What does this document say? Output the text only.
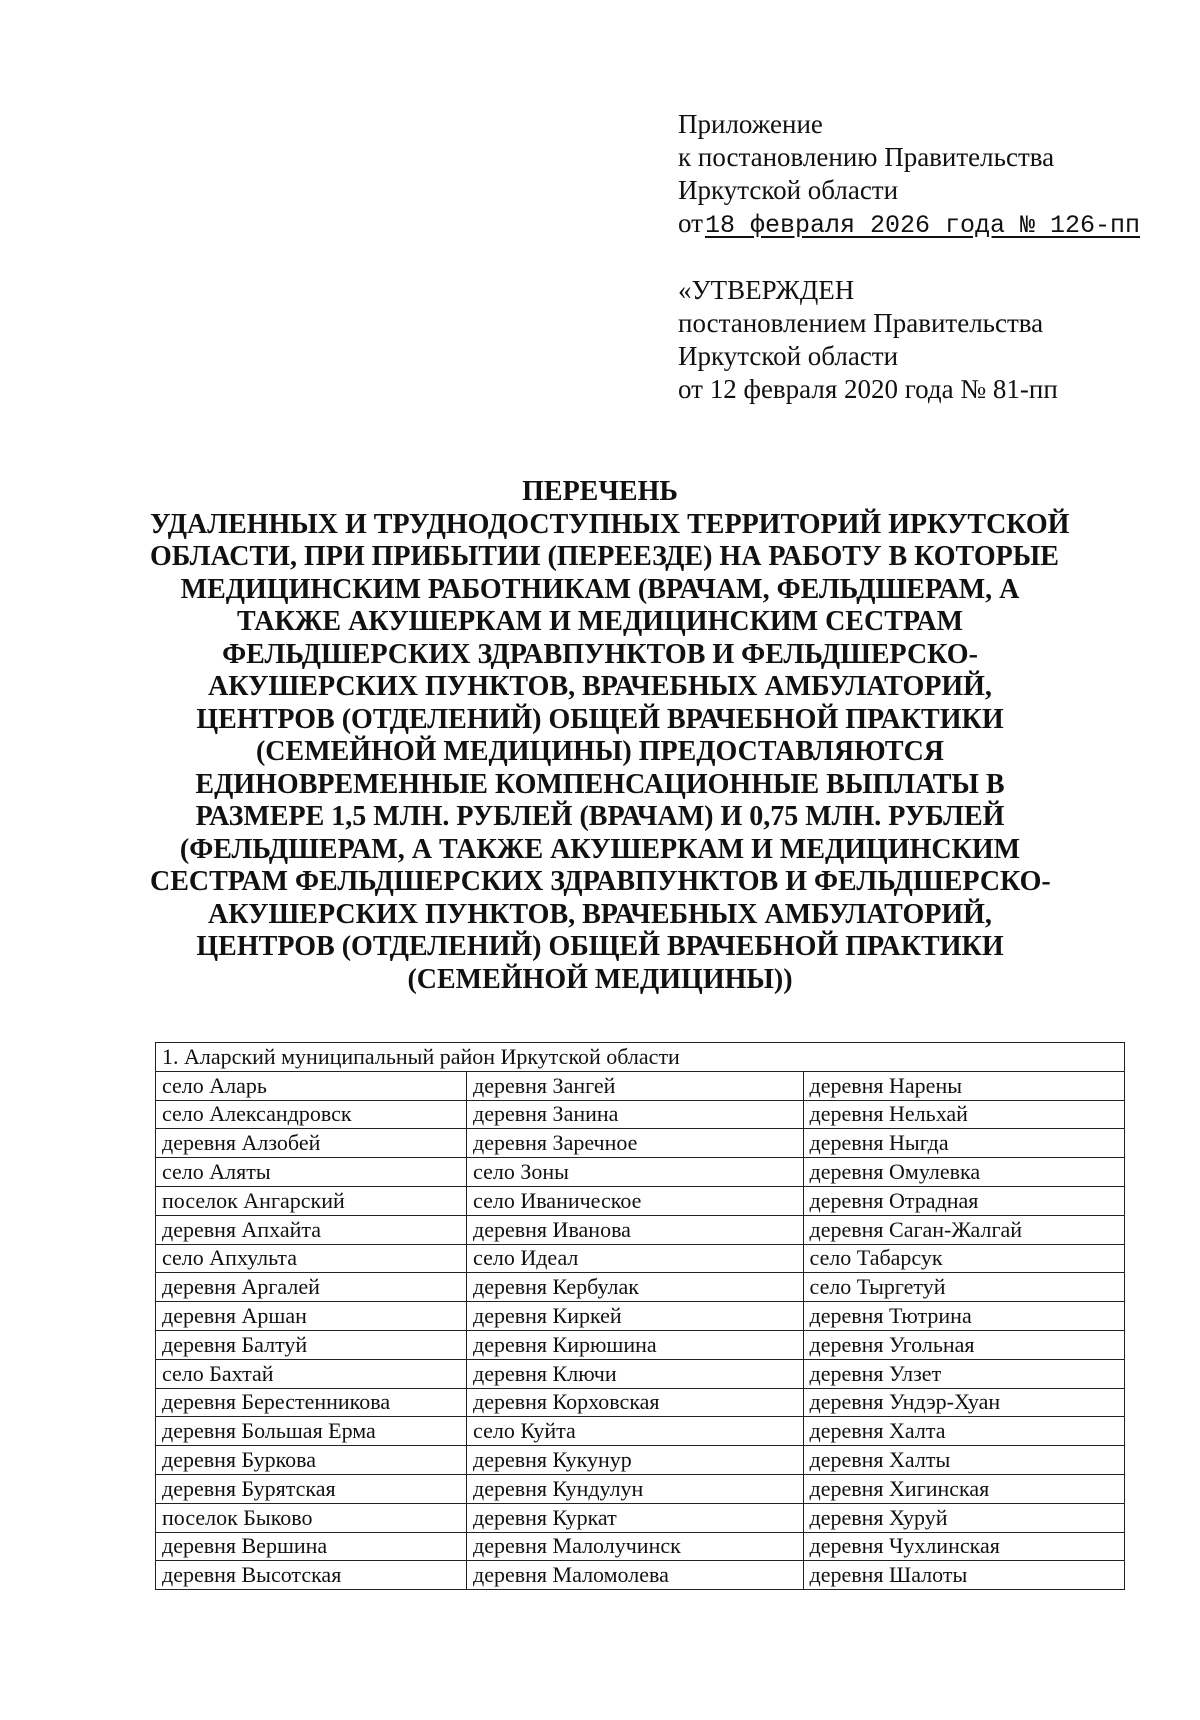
Приложение
к постановлению Правительства
Иркутской области
от18 февраля 2026 года № 126-пп
«УТВЕРЖДЕН
постановлением Правительства
Иркутской области
от 12 февраля 2020 года № 81-пп
ПЕРЕЧЕНЬ
УДАЛЕННЫХ И ТРУДНОДОСТУПНЫХ ТЕРРИТОРИЙ ИРКУТСКОЙ
ОБЛАСТИ, ПРИ ПРИБЫТИИ (ПЕРЕЕЗДЕ) НА РАБОТУ В КОТОРЫЕ
МЕДИЦИНСКИМ РАБОТНИКАМ (ВРАЧАМ, ФЕЛЬДШЕРАМ, А
ТАКЖЕ АКУШЕРКАМ И МЕДИЦИНСКИМ СЕСТРАМ
ФЕЛЬДШЕРСКИХ ЗДРАВПУНКТОВ И ФЕЛЬДШЕРСКО-
АКУШЕРСКИХ ПУНКТОВ, ВРАЧЕБНЫХ АМБУЛАТОРИЙ,
ЦЕНТРОВ (ОТДЕЛЕНИЙ) ОБЩЕЙ ВРАЧЕБНОЙ ПРАКТИКИ
(СЕМЕЙНОЙ МЕДИЦИНЫ) ПРЕДОСТАВЛЯЮТСЯ
ЕДИНОВРЕМЕННЫЕ КОМПЕНСАЦИОННЫЕ ВЫПЛАТЫ В
РАЗМЕРЕ 1,5 МЛН. РУБЛЕЙ (ВРАЧАМ) И 0,75 МЛН. РУБЛЕЙ
(ФЕЛЬДШЕРАМ, А ТАКЖЕ АКУШЕРКАМ И МЕДИЦИНСКИМ
СЕСТРАМ ФЕЛЬДШЕРСКИХ ЗДРАВПУНКТОВ И ФЕЛЬДШЕРСКО-
АКУШЕРСКИХ ПУНКТОВ, ВРАЧЕБНЫХ АМБУЛАТОРИЙ,
ЦЕНТРОВ (ОТДЕЛЕНИЙ) ОБЩЕЙ ВРАЧЕБНОЙ ПРАКТИКИ
(СЕМЕЙНОЙ МЕДИЦИНЫ))
1. Аларский муниципальный район Иркутской области		
село Аларь	деревня Зангей	деревня Нарены
село Александровск	деревня Занина	деревня Нельхай
деревня Алзобей	деревня Заречное	деревня Ныгда
село Аляты	село Зоны	деревня Омулевка
поселок Ангарский	село Иваническое	деревня Отрадная
деревня Апхайта	деревня Иванова	деревня Саган-Жалгай
село Апхульта	село Идеал	село Табарсук
деревня Аргалей	деревня Кербулак	село Тыргетуй
деревня Аршан	деревня Киркей	деревня Тютрина
деревня Балтуй	деревня Кирюшина	деревня Угольная
село Бахтай	деревня Ключи	деревня Улзет
деревня Берестенникова	деревня Корховская	деревня Ундэр-Хуан
деревня Большая Ерма	село Куйта	деревня Халта
деревня Буркова	деревня Кукунур	деревня Халты
деревня Бурятская	деревня Кундулун	деревня Хигинская
поселок Быково	деревня Куркат	деревня Хуруй
деревня Вершина	деревня Малолучинск	деревня Чухлинская
деревня Высотская	деревня Маломолева	деревня Шалоты
